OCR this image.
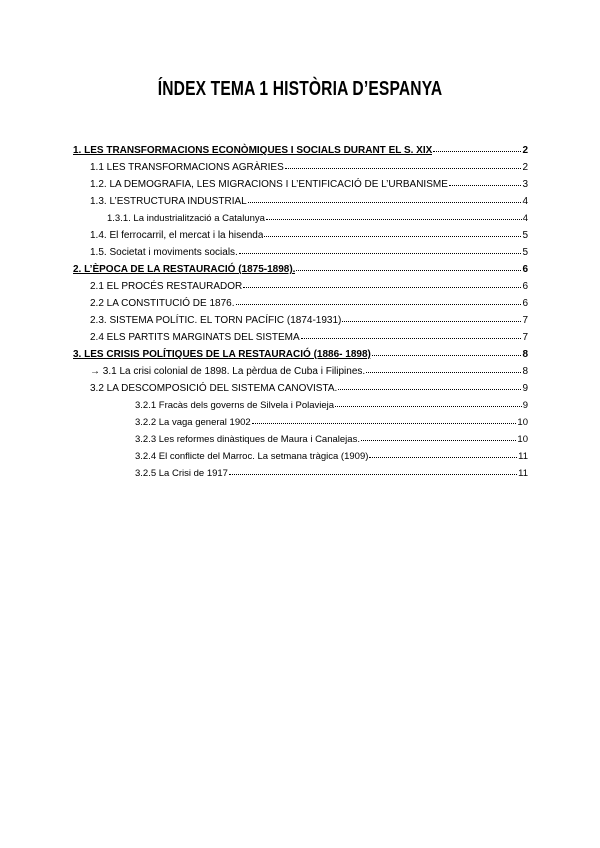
ÍNDEX TEMA 1 HISTÒRIA D’ESPANYA
1. LES TRANSFORMACIONS ECONÒMIQUES I SOCIALS DURANT EL S. XIX	2
1.1 LES TRANSFORMACIONS AGRÀRIES	2
1.2. LA DEMOGRAFIA, LES MIGRACIONS I L’ENTIFICACIÓ DE L’URBANISME	3
1.3. L’ESTRUCTURA INDUSTRIAL	4
1.3.1. La industrialització a Catalunya	4
1.4. El ferrocarril, el mercat i la hisenda	5
1.5. Societat i moviments socials.	5
2. L’ÈPOCA DE LA RESTAURACIÓ (1875-1898).	6
2.1 EL PROCÉS RESTAURADOR	6
2.2 LA CONSTITUCIÓ DE 1876.	6
2.3. SISTEMA POLÍTIC. EL TORN PACÍFIC (1874-1931)	7
2.4 ELS PARTITS MARGINATS DEL SISTEMA	7
3. LES CRISIS POLÍTIQUES DE LA RESTAURACIÓ (1886- 1898)	8
→ 3.1 La crisi colonial de 1898. La pèrdua de Cuba i Filipines.	8
3.2 LA DESCOMPOSICIÓ DEL SISTEMA CANOVISTA.	9
3.2.1 Fracàs dels governs de Silvela i Polavieja	9
3.2.2 La vaga general 1902	10
3.2.3 Les reformes dinàstiques de Maura i Canalejas.	10
3.2.4 El conflicte del Marroc. La setmana tràgica (1909)	11
3.2.5 La Crisi de 1917	11
